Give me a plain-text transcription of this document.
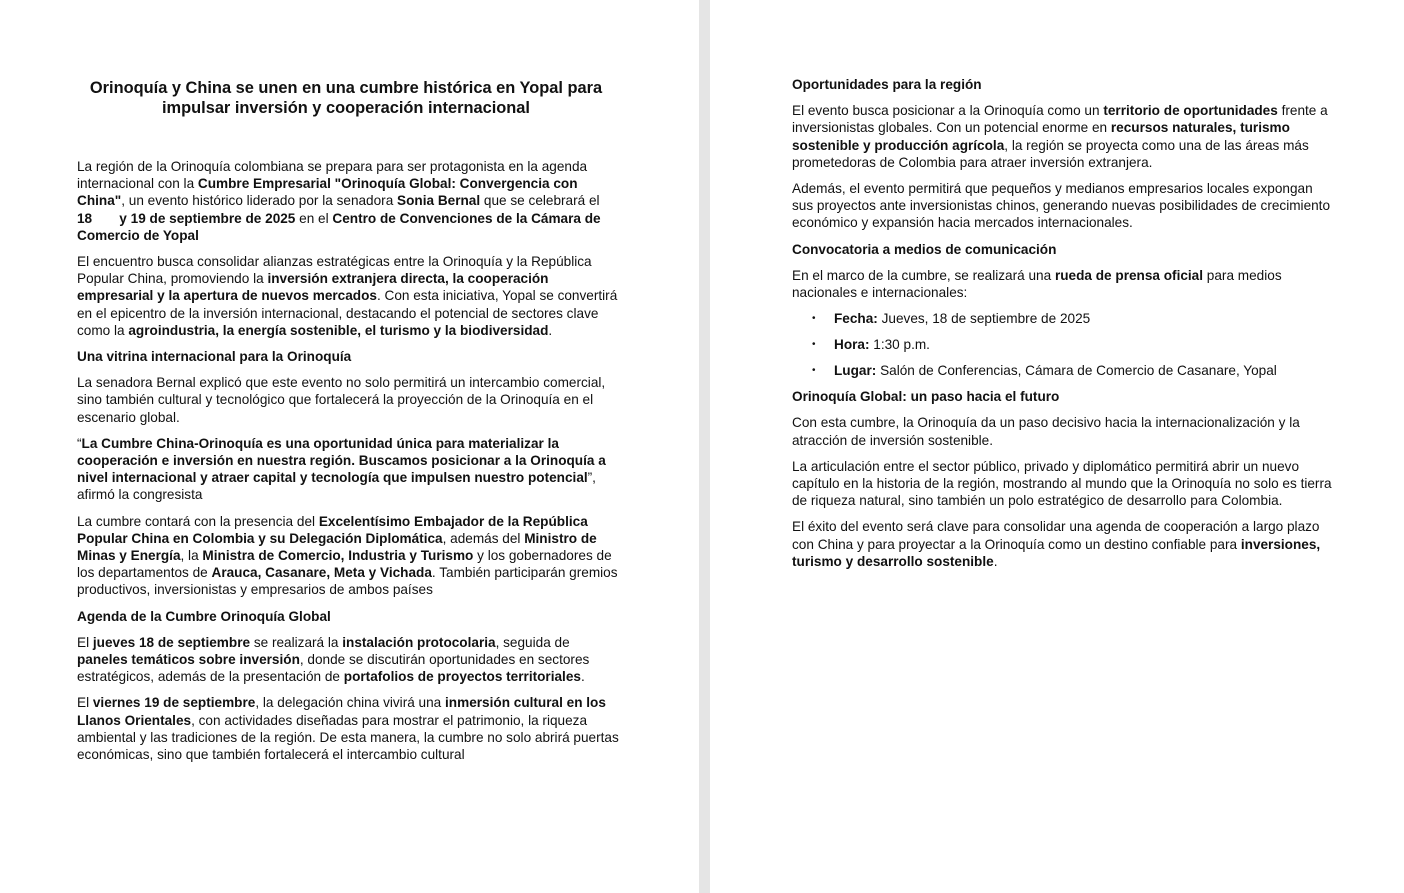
Orinoquía y China se unen en una cumbre histórica en Yopal para impulsar inversión y cooperación internacional

La región de la Orinoquía colombiana se prepara para ser protagonista en la agenda internacional con la Cumbre Empresarial "Orinoquía Global: Convergencia con China", un evento histórico liderado por la senadora Sonia Bernal que se celebrará el 18  y 19 de septiembre de 2025 en el Centro de Convenciones de la Cámara de Comercio de Yopal

El encuentro busca consolidar alianzas estratégicas entre la Orinoquía y la República Popular China, promoviendo la inversión extranjera directa, la cooperación empresarial y la apertura de nuevos mercados. Con esta iniciativa, Yopal se convertirá en el epicentro de la inversión internacional, destacando el potencial de sectores clave como la agroindustria, la energía sostenible, el turismo y la biodiversidad.

Una vitrina internacional para la Orinoquía

La senadora Bernal explicó que este evento no solo permitirá un intercambio comercial, sino también cultural y tecnológico que fortalecerá la proyección de la Orinoquía en el escenario global.

“La Cumbre China-Orinoquía es una oportunidad única para materializar la cooperación e inversión en nuestra región. Buscamos posicionar a la Orinoquía a nivel internacional y atraer capital y tecnología que impulsen nuestro potencial”, afirmó la congresista

La cumbre contará con la presencia del Excelentísimo Embajador de la República Popular China en Colombia y su Delegación Diplomática, además del Ministro de Minas y Energía, la Ministra de Comercio, Industria y Turismo y los gobernadores de los departamentos de Arauca, Casanare, Meta y Vichada. También participarán gremios productivos, inversionistas y empresarios de ambos países

Agenda de la Cumbre Orinoquía Global

El jueves 18 de septiembre se realizará la instalación protocolaria, seguida de paneles temáticos sobre inversión, donde se discutirán oportunidades en sectores estratégicos, además de la presentación de portafolios de proyectos territoriales.

El viernes 19 de septiembre, la delegación china vivirá una inmersión cultural en los Llanos Orientales, con actividades diseñadas para mostrar el patrimonio, la riqueza ambiental y las tradiciones de la región. De esta manera, la cumbre no solo abrirá puertas económicas, sino que también fortalecerá el intercambio cultural

Oportunidades para la región

El evento busca posicionar a la Orinoquía como un territorio de oportunidades frente a inversionistas globales. Con un potencial enorme en recursos naturales, turismo sostenible y producción agrícola, la región se proyecta como una de las áreas más prometedoras de Colombia para atraer inversión extranjera.

Además, el evento permitirá que pequeños y medianos empresarios locales expongan sus proyectos ante inversionistas chinos, generando nuevas posibilidades de crecimiento económico y expansión hacia mercados internacionales.

Convocatoria a medios de comunicación

En el marco de la cumbre, se realizará una rueda de prensa oficial para medios nacionales e internacionales:

• Fecha: Jueves, 18 de septiembre de 2025
• Hora: 1:30 p.m.
• Lugar: Salón de Conferencias, Cámara de Comercio de Casanare, Yopal
Orinoquía Global: un paso hacia el futuro

Con esta cumbre, la Orinoquía da un paso decisivo hacia la internacionalización y la atracción de inversión sostenible.

La articulación entre el sector público, privado y diplomático permitirá abrir un nuevo capítulo en la historia de la región, mostrando al mundo que la Orinoquía no solo es tierra de riqueza natural, sino también un polo estratégico de desarrollo para Colombia.

El éxito del evento será clave para consolidar una agenda de cooperación a largo plazo con China y para proyectar a la Orinoquía como un destino confiable para inversiones, turismo y desarrollo sostenible.
